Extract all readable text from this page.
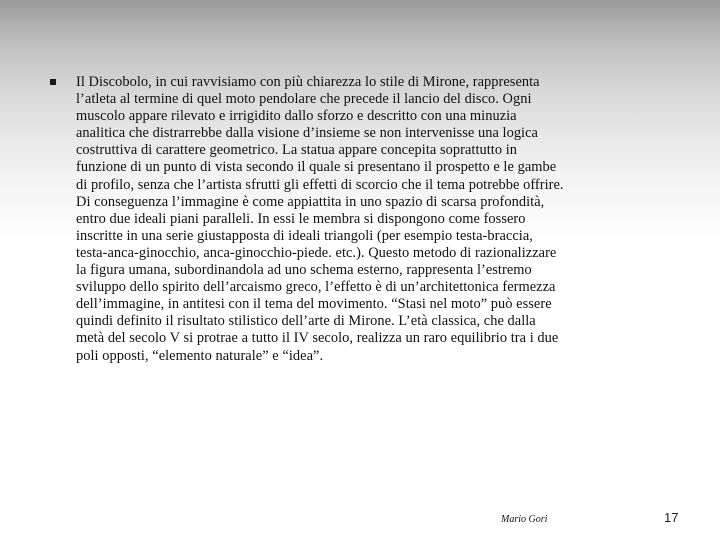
Il Discobolo, in cui ravvisiamo con più chiarezza lo stile di Mirone, rappresenta
l’atleta al termine di quel moto pendolare che precede il lancio del disco. Ogni
muscolo appare rilevato e irrigidito dallo sforzo e descritto con una minuzia
analitica che distrarrebbe dalla visione d’insieme se non intervenisse una logica
costruttiva di carattere geometrico. La statua appare concepita soprattutto in
funzione di un punto di vista secondo il quale si presentano il prospetto e le gambe
di profilo, senza che l’artista sfrutti gli effetti di scorcio che il tema potrebbe offrire.
Di conseguenza l’immagine è come appiattita in uno spazio di scarsa profondità,
entro due ideali piani paralleli. In essi le membra si dispongono come fossero
inscritte in una serie giustapposta di ideali triangoli (per esempio testa-braccia,
testa-anca-ginocchio, anca-ginocchio-piede. etc.). Questo metodo di razionalizzare
la figura umana, subordinandola ad uno schema esterno, rappresenta l’estremo
sviluppo dello spirito dell’arcaismo greco, l’effetto è di un’architettonica fermezza
dell’immagine, in antitesi con il tema del movimento. “Stasi nel moto” può essere
quindi definito il risultato stilistico dell’arte di Mirone. L’età classica, che dalla
metà del secolo V si protrae a tutto il IV secolo, realizza un raro equilibrio tra i due
poli opposti, “elemento naturale” e “idea”.

Mario Gori	17
